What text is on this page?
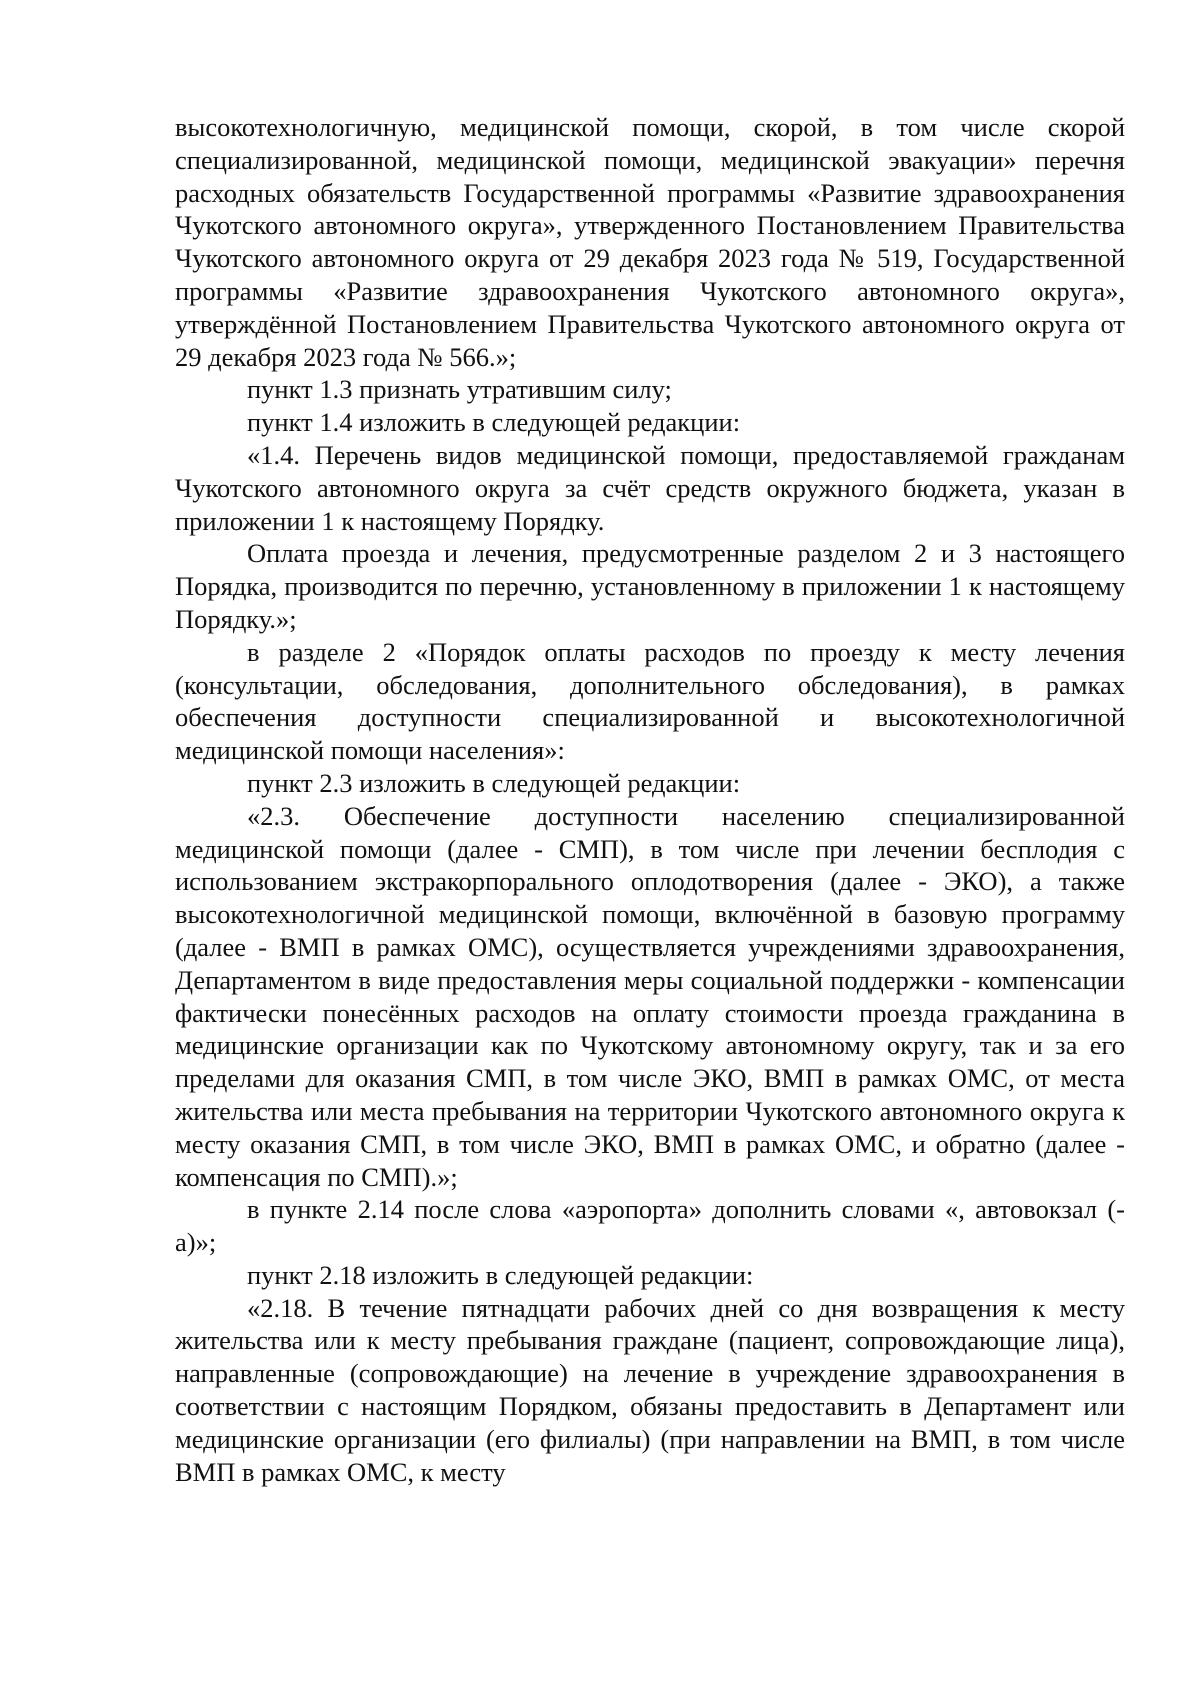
высокотехнологичную, медицинской помощи, скорой, в том числе скорой специализированной, медицинской помощи, медицинской эвакуации» перечня расходных обязательств Государственной программы «Развитие здравоохранения Чукотского автономного округа», утвержденного Постановлением Правительства Чукотского автономного округа от 29 декабря 2023 года № 519, Государственной программы «Развитие здравоохранения Чукотского автономного округа», утверждённой Постановлением Правительства Чукотского автономного округа от 29 декабря 2023 года № 566.»;

пункт 1.3 признать утратившим силу;

пункт 1.4 изложить в следующей редакции:

«1.4. Перечень видов медицинской помощи, предоставляемой гражданам Чукотского автономного округа за счёт средств окружного бюджета, указан в приложении 1 к настоящему Порядку.

Оплата проезда и лечения, предусмотренные разделом 2 и 3 настоящего Порядка, производится по перечню, установленному в приложении 1 к настоящему Порядку.»;

в разделе 2 «Порядок оплаты расходов по проезду к месту лечения (консультации, обследования, дополнительного обследования), в рамках обеспечения доступности специализированной и высокотехнологичной медицинской помощи населения»:

пункт 2.3 изложить в следующей редакции:

«2.3. Обеспечение доступности населению специализированной медицинской помощи (далее - СМП), в том числе при лечении бесплодия с использованием экстракорпорального оплодотворения (далее - ЭКО), а также высокотехнологичной медицинской помощи, включённой в базовую программу (далее - ВМП в рамках ОМС), осуществляется учреждениями здравоохранения, Департаментом в виде предоставления меры социальной поддержки - компенсации фактически понесённых расходов на оплату стоимости проезда гражданина в медицинские организации как по Чукотскому автономному округу, так и за его пределами для оказания СМП, в том числе ЭКО, ВМП в рамках ОМС, от места жительства или места пребывания на территории Чукотского автономного округа к месту оказания СМП, в том числе ЭКО, ВМП в рамках ОМС, и обратно (далее - компенсация по СМП).»;

в пункте 2.14 после слова «аэропорта» дополнить словами «, автовокзал (-а)»;

пункт 2.18 изложить в следующей редакции:

«2.18. В течение пятнадцати рабочих дней со дня возвращения к месту жительства или к месту пребывания граждане (пациент, сопровождающие лица), направленные (сопровождающие) на лечение в учреждение здравоохранения в соответствии с настоящим Порядком, обязаны предоставить в Департамент или медицинские организации (его филиалы) (при направлении на ВМП, в том числе ВМП в рамках ОМС, к месту
